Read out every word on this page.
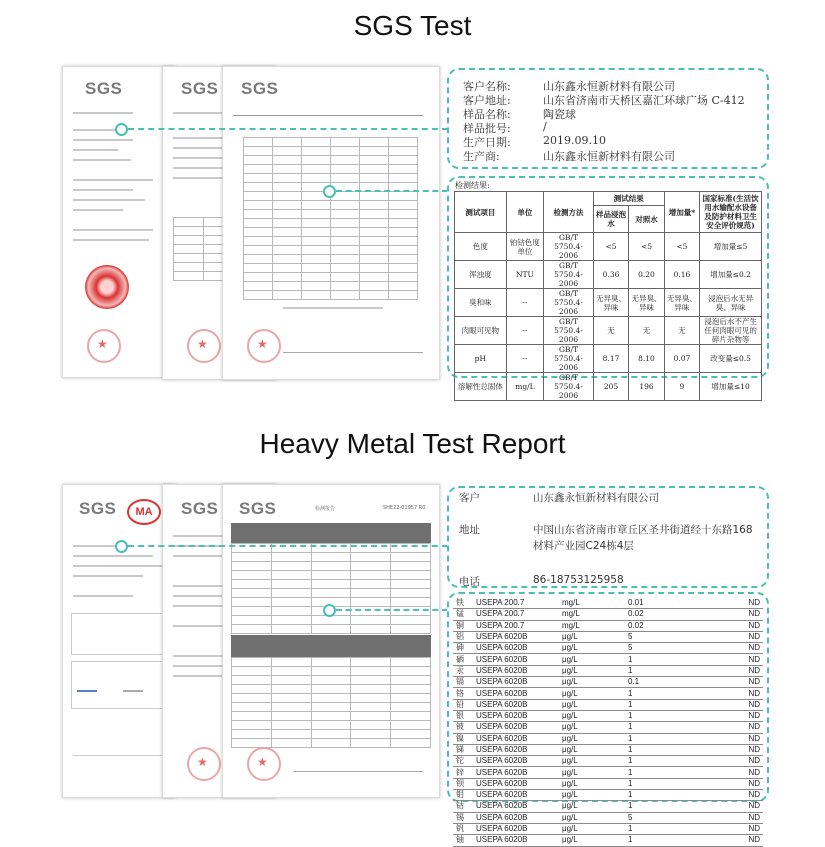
SGS Test
Heavy Metal Test Report
SGS
★	SGS

★ SGS

★	客户名称:	山东鑫永恒新材料有限公司
客户地址:	山东省济南市天桥区嘉汇环球广场 C-412
样品名称:	陶瓷球
样品批号:	/
生产日期:	2019.09.10
生产商:	山东鑫永恒新材料有限公司
检测结果:
测试项目	单位	检测方法	测试结果		增加量*	国家标准(生活饮用水输配水设备及防护材料卫生安全评价规范)
			样品浸泡水	对照水		
色度	铂钴色度单位	GB/T 5750.4-2006	<5	<5	<5	增加量≤5
浑浊度	NTU	GB/T 5750.4-2006	0.36	0.20	0.16	增加量≤0.2
臭和味	--	GB/T 5750.4-2006	无异臭、异味	无异臭、异味	无异臭、异味	浸泡后水无异臭、异味
肉眼可见物	--	GB/T 5750.4-2006	无	无	无	浸泡后水不产生任何肉眼可见的碎片杂物等
pH	--	GB/T 5750.4-2006	8.17	8.10	0.07	改变量≤0.5
溶解性总固体	mg/L	GB/T 5750.4-2006	205	196	9	增加量≤10
SGS	MA	SGS
★ SGS	检测报告	SHE22-01957 R0

★
客户	山东鑫永恒新材料有限公司
地址	中国山东省济南市章丘区圣井街道经十东路168
材料产业园C24栋4层
电话	86-18753125958
铁	USEPA 200.7	mg/L	0.01	ND
锰	USEPA 200.7	mg/L	0.02	ND
铜	USEPA 200.7	mg/L	0.02	ND
铝	USEPA 6020B	μg/L	5	ND
砷	USEPA 6020B	μg/L	5	ND
硒	USEPA 6020B	μg/L	1	ND
汞	USEPA 6020B	μg/L	1	ND
镉	USEPA 6020B	μg/L	0.1	ND
铬	USEPA 6020B	μg/L	1	ND
铅	USEPA 6020B	μg/L	1	ND
银	USEPA 6020B	μg/L	1	ND
铍	USEPA 6020B	μg/L	1	ND
镍	USEPA 6020B	μg/L	1	ND
锑	USEPA 6020B	μg/L	1	ND
铊	USEPA 6020B	μg/L	1	ND
锌	USEPA 6020B	μg/L	1	ND
钡	USEPA 6020B	μg/L	1	ND
钼	USEPA 6020B	μg/L	1	ND
钴	USEPA 6020B	μg/L	1	ND
锡	USEPA 6020B	μg/L	5	ND
钒	USEPA 6020B	μg/L	1	ND
铀	USEPA 6020B	μg/L	1	ND
